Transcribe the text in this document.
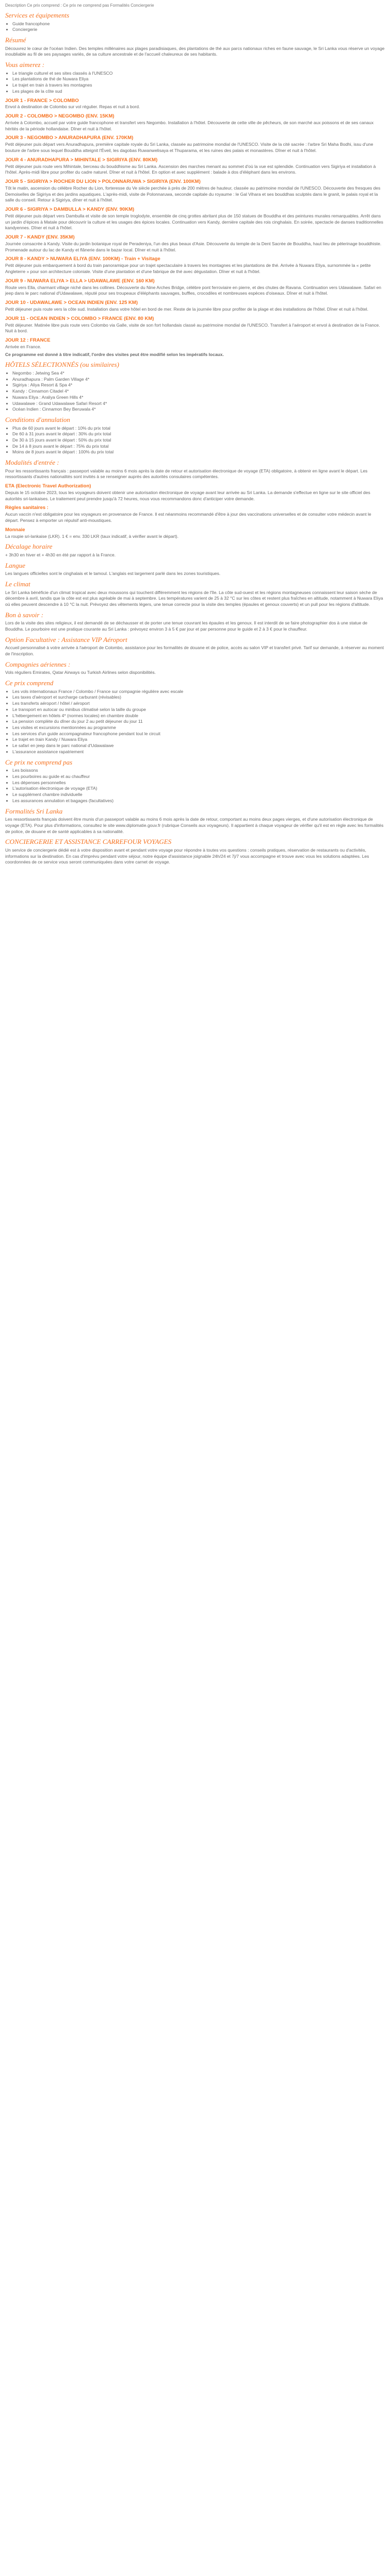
Description Ce prix comprend : Ce prix ne comprend pas Formalités Conciergerie

Services et équipements
• Guide francophone
• Conciergerie
Résumé

Découvrez le cœur de l'océan Indien. Des temples millénaires aux plages paradisiaques, des plantations de thé aux parcs nationaux riches en faune sauvage, le Sri Lanka vous réserve un voyage inoubliable au fil de ses paysages variés, de sa culture ancestrale et de l'accueil chaleureux de ses habitants.

Vous aimerez :
• Le triangle culturel et ses sites classés à l'UNESCO
• Les plantations de thé de Nuwara Eliya
• Le trajet en train à travers les montagnes
• Les plages de la côte sud
JOUR 1 - FRANCE > COLOMBO

Envol à destination de Colombo sur vol régulier. Repas et nuit à bord.

JOUR 2 - COLOMBO > NEGOMBO (ENV. 15KM)

Arrivée à Colombo, accueil par votre guide francophone et transfert vers Negombo. Installation à l'hôtel. Découverte de cette ville de pêcheurs, de son marché aux poissons et de ses canaux hérités de la période hollandaise. Dîner et nuit à l'hôtel.

JOUR 3 - NEGOMBO > ANURADHAPURA (ENV. 170KM)

Petit déjeuner puis départ vers Anuradhapura, première capitale royale du Sri Lanka, classée au patrimoine mondial de l'UNESCO. Visite de la cité sacrée : l'arbre Sri Maha Bodhi, issu d'une bouture de l'arbre sous lequel Bouddha atteignit l'Éveil, les dagobas Ruwanwelisaya et Thuparama, et les ruines des palais et monastères. Dîner et nuit à l'hôtel.

JOUR 4 - ANURADHAPURA > MIHINTALE > SIGIRIYA (ENV. 80KM)

Petit déjeuner puis route vers Mihintale, berceau du bouddhisme au Sri Lanka. Ascension des marches menant au sommet d'où la vue est splendide. Continuation vers Sigiriya et installation à l'hôtel. Après-midi libre pour profiter du cadre naturel. Dîner et nuit à l'hôtel. En option et avec supplément : balade à dos d'éléphant dans les environs.

JOUR 5 - SIGIRIYA > ROCHER DU LION > POLONNARUWA > SIGIRIYA (ENV. 100KM)

Tôt le matin, ascension du célèbre Rocher du Lion, forteresse du Ve siècle perchée à près de 200 mètres de hauteur, classée au patrimoine mondial de l'UNESCO. Découverte des fresques des Demoiselles de Sigiriya et des jardins aquatiques. L'après-midi, visite de Polonnaruwa, seconde capitale du royaume : le Gal Vihara et ses bouddhas sculptés dans le granit, le palais royal et la salle du conseil. Retour à Sigiriya, dîner et nuit à l'hôtel.

JOUR 6 - SIGIRIYA > DAMBULLA > KANDY (ENV. 90KM)

Petit déjeuner puis départ vers Dambulla et visite de son temple troglodyte, ensemble de cinq grottes abritant plus de 150 statues de Bouddha et des peintures murales remarquables. Arrêt dans un jardin d'épices à Matale pour découvrir la culture et les usages des épices locales. Continuation vers Kandy, dernière capitale des rois cinghalais. En soirée, spectacle de danses traditionnelles kandyennes. Dîner et nuit à l'hôtel.

JOUR 7 - KANDY (ENV. 35KM)

Journée consacrée à Kandy. Visite du jardin botanique royal de Peradeniya, l'un des plus beaux d'Asie. Découverte du temple de la Dent Sacrée de Bouddha, haut lieu de pèlerinage bouddhiste. Promenade autour du lac de Kandy et flânerie dans le bazar local. Dîner et nuit à l'hôtel.

JOUR 8 - KANDY > NUWARA ELIYA (ENV. 100KM) - Train + Visitage

Petit déjeuner puis embarquement à bord du train panoramique pour un trajet spectaculaire à travers les montagnes et les plantations de thé. Arrivée à Nuwara Eliya, surnommée la « petite Angleterre » pour son architecture coloniale. Visite d'une plantation et d'une fabrique de thé avec dégustation. Dîner et nuit à l'hôtel.

JOUR 9 - NUWARA ELIYA > ELLA > UDAWALAWE (ENV. 160 KM)

Route vers Ella, charmant village niché dans les collines. Découverte du Nine Arches Bridge, célèbre pont ferroviaire en pierre, et des chutes de Ravana. Continuation vers Udawalawe. Safari en jeep dans le parc national d'Udawalawe, réputé pour ses troupeaux d'éléphants sauvages, buffles, crocodiles et nombreuses espèces d'oiseaux. Dîner et nuit à l'hôtel.

JOUR 10 - UDAWALAWE > OCEAN INDIEN (ENV. 125 KM)

Petit déjeuner puis route vers la côte sud. Installation dans votre hôtel en bord de mer. Reste de la journée libre pour profiter de la plage et des installations de l'hôtel. Dîner et nuit à l'hôtel.

JOUR 11 - OCEAN INDIEN > COLOMBO > FRANCE (ENV. 80 KM)

Petit déjeuner. Matinée libre puis route vers Colombo via Galle, visite de son fort hollandais classé au patrimoine mondial de l'UNESCO. Transfert à l'aéroport et envol à destination de la France. Nuit à bord.

JOUR 12 : FRANCE

Arrivée en France.

Ce programme est donné à titre indicatif, l'ordre des visites peut être modifié selon les impératifs locaux.

HÔTELS SÉLECTIONNÉS (ou similaires)
• Negombo : Jetwing Sea 4*
• Anuradhapura : Palm Garden Village 4*
• Sigiriya : Aliya Resort & Spa 4*
• Kandy : Cinnamon Citadel 4*
• Nuwara Eliya : Araliya Green Hills 4*
• Udawalawe : Grand Udawalawe Safari Resort 4*
• Océan Indien : Cinnamon Bey Beruwala 4*
Conditions d'annulation
• Plus de 60 jours avant le départ : 10% du prix total
• De 60 à 31 jours avant le départ : 30% du prix total
• De 30 à 15 jours avant le départ : 50% du prix total
• De 14 à 8 jours avant le départ : 75% du prix total
• Moins de 8 jours avant le départ : 100% du prix total
Modalités d'entrée :

Pour les ressortissants français : passeport valable au moins 6 mois après la date de retour et autorisation électronique de voyage (ETA) obligatoire, à obtenir en ligne avant le départ. Les ressortissants d'autres nationalités sont invités à se renseigner auprès des autorités consulaires compétentes.

ETA (Electronic Travel Authorization)

Depuis le 15 octobre 2023, tous les voyageurs doivent obtenir une autorisation électronique de voyage avant leur arrivée au Sri Lanka. La demande s'effectue en ligne sur le site officiel des autorités sri-lankaises. Le traitement peut prendre jusqu'à 72 heures, nous vous recommandons donc d'anticiper votre demande.

Règles sanitaires :

Aucun vaccin n'est obligatoire pour les voyageurs en provenance de France. Il est néanmoins recommandé d'être à jour des vaccinations universelles et de consulter votre médecin avant le départ. Pensez à emporter un répulsif anti-moustiques.

Monnaie

La roupie sri-lankaise (LKR). 1 € = env. 330 LKR (taux indicatif, à vérifier avant le départ).

Décalage horaire

+ 3h30 en hiver et + 4h30 en été par rapport à la France.

Langue

Les langues officielles sont le cinghalais et le tamoul. L'anglais est largement parlé dans les zones touristiques.

Le climat

Le Sri Lanka bénéficie d'un climat tropical avec deux moussons qui touchent différemment les régions de l'île. La côte sud-ouest et les régions montagneuses connaissent leur saison sèche de décembre à avril, tandis que la côte est est plus agréable de mai à septembre. Les températures varient de 25 à 32 °C sur les côtes et restent plus fraîches en altitude, notamment à Nuwara Eliya où elles peuvent descendre à 10 °C la nuit. Prévoyez des vêtements légers, une tenue correcte pour la visite des temples (épaules et genoux couverts) et un pull pour les régions d'altitude.

Bon à savoir :

Lors de la visite des sites religieux, il est demandé de se déchausser et de porter une tenue couvrant les épaules et les genoux. Il est interdit de se faire photographier dos à une statue de Bouddha. Le pourboire est une pratique courante au Sri Lanka : prévoyez environ 3 à 5 € par jour et par personne pour le guide et 2 à 3 € pour le chauffeur.

Option Facultative : Assistance VIP Aéroport

Accueil personnalisé à votre arrivée à l'aéroport de Colombo, assistance pour les formalités de douane et de police, accès au salon VIP et transfert privé. Tarif sur demande, à réserver au moment de l'inscription.

Compagnies aériennes :

Vols réguliers Emirates, Qatar Airways ou Turkish Airlines selon disponibilités.

Ce prix comprend
• Les vols internationaux France / Colombo / France sur compagnie régulière avec escale
• Les taxes d'aéroport et surcharge carburant (révisables)
• Les transferts aéroport / hôtel / aéroport
• Le transport en autocar ou minibus climatisé selon la taille du groupe
• L'hébergement en hôtels 4* (normes locales) en chambre double
• La pension complète du dîner du jour 2 au petit déjeuner du jour 11
• Les visites et excursions mentionnées au programme
• Les services d'un guide accompagnateur francophone pendant tout le circuit
• Le trajet en train Kandy / Nuwara Eliya
• Le safari en jeep dans le parc national d'Udawalawe
• L'assurance assistance rapatriement
Ce prix ne comprend pas
• Les boissons
• Les pourboires au guide et au chauffeur
• Les dépenses personnelles
• L'autorisation électronique de voyage (ETA)
• Le supplément chambre individuelle
• Les assurances annulation et bagages (facultatives)
Formalités Sri Lanka

Les ressortissants français doivent être munis d'un passeport valable au moins 6 mois après la date de retour, comportant au moins deux pages vierges, et d'une autorisation électronique de voyage (ETA). Pour plus d'informations, consultez le site www.diplomatie.gouv.fr (rubrique Conseils aux voyageurs). Il appartient à chaque voyageur de vérifier qu'il est en règle avec les formalités de police, de douane et de santé applicables à sa nationalité.

CONCIERGERIE ET ASSISTANCE CARREFOUR VOYAGES

Un service de conciergerie dédié est à votre disposition avant et pendant votre voyage pour répondre à toutes vos questions : conseils pratiques, réservation de restaurants ou d'activités, informations sur la destination. En cas d'imprévu pendant votre séjour, notre équipe d'assistance joignable 24h/24 et 7j/7 vous accompagne et trouve avec vous les solutions adaptées. Les coordonnées de ce service vous seront communiquées dans votre carnet de voyage.
